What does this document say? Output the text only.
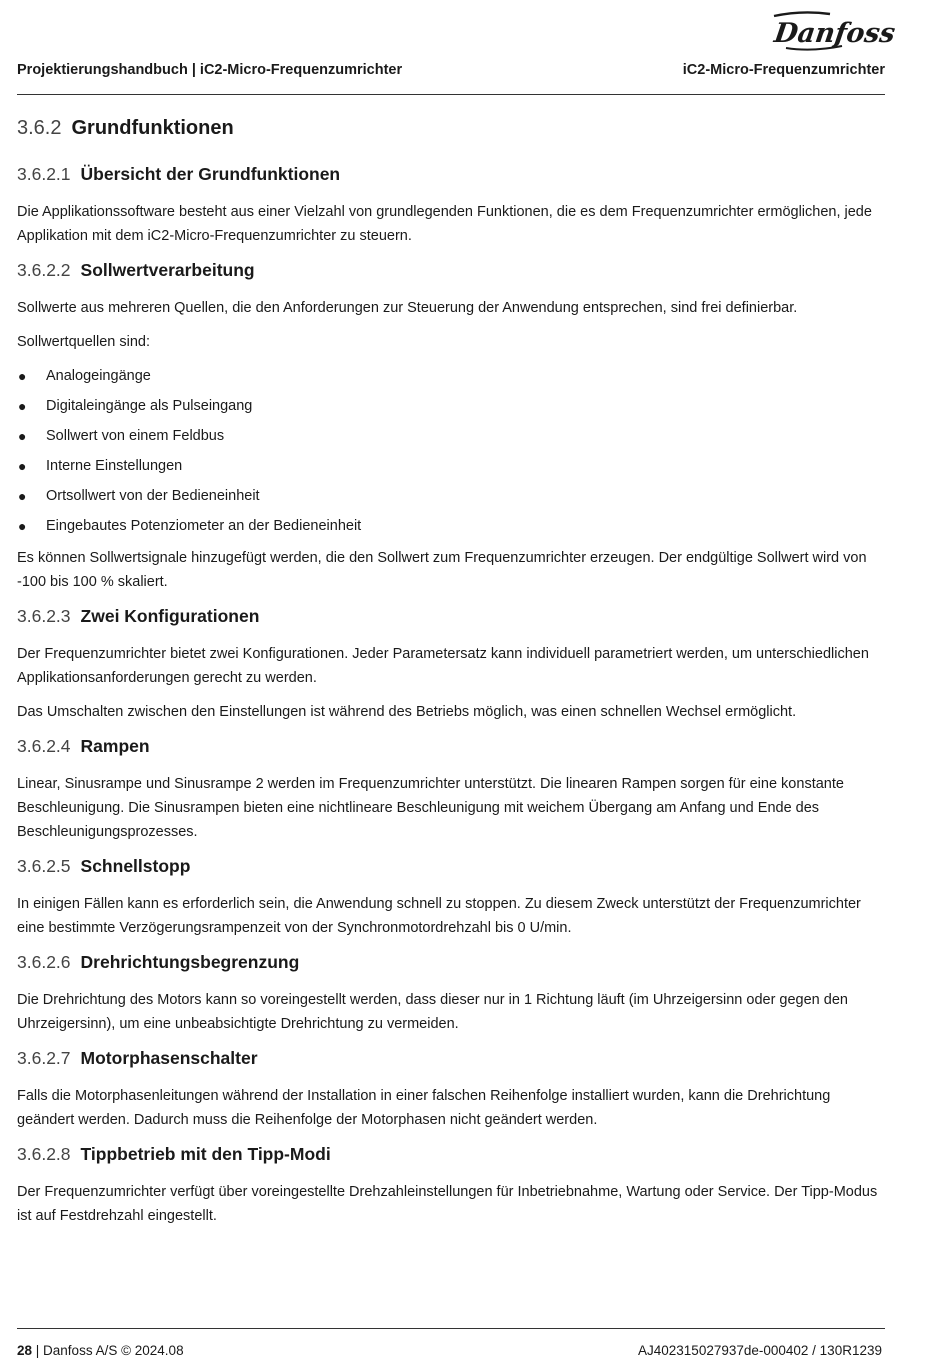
Danfoss
Projektierungshandbuch | iC2-Micro-Frequenzumrichter	iC2-Micro-Frequenzumrichter
3.6.2 Grundfunktionen
3.6.2.1 Übersicht der Grundfunktionen

Die Applikationssoftware besteht aus einer Vielzahl von grundlegenden Funktionen, die es dem Frequenzumrichter ermöglichen, jede Applikation mit dem iC2-Micro-Frequenzumrichter zu steuern.

3.6.2.2 Sollwertverarbeitung

Sollwerte aus mehreren Quellen, die den Anforderungen zur Steuerung der Anwendung entsprechen, sind frei definierbar.

Sollwertquellen sind:

● Analogeingänge
● Digitaleingänge als Pulseingang
● Sollwert von einem Feldbus
● Interne Einstellungen
● Ortsollwert von der Bedieneinheit
● Eingebautes Potenziometer an der Bedieneinheit

Es können Sollwertsignale hinzugefügt werden, die den Sollwert zum Frequenzumrichter erzeugen. Der endgültige Sollwert wird von -100 bis 100 % skaliert.

3.6.2.3 Zwei Konfigurationen

Der Frequenzumrichter bietet zwei Konfigurationen. Jeder Parametersatz kann individuell parametriert werden, um unterschiedlichen Applikationsanforderungen gerecht zu werden.

Das Umschalten zwischen den Einstellungen ist während des Betriebs möglich, was einen schnellen Wechsel ermöglicht.

3.6.2.4 Rampen

Linear, Sinusrampe und Sinusrampe 2 werden im Frequenzumrichter unterstützt. Die linearen Rampen sorgen für eine konstante Beschleunigung. Die Sinusrampen bieten eine nichtlineare Beschleunigung mit weichem Übergang am Anfang und Ende des Beschleunigungsprozesses.

3.6.2.5 Schnellstopp

In einigen Fällen kann es erforderlich sein, die Anwendung schnell zu stoppen. Zu diesem Zweck unterstützt der Frequenzumrichter eine bestimmte Verzögerungsrampenzeit von der Synchronmotordrehzahl bis 0 U/min.

3.6.2.6 Drehrichtungsbegrenzung

Die Drehrichtung des Motors kann so voreingestellt werden, dass dieser nur in 1 Richtung läuft (im Uhrzeigersinn oder gegen den Uhrzeigersinn), um eine unbeabsichtigte Drehrichtung zu vermeiden.

3.6.2.7 Motorphasenschalter

Falls die Motorphasenleitungen während der Installation in einer falschen Reihenfolge installiert wurden, kann die Drehrichtung geändert werden. Dadurch muss die Reihenfolge der Motorphasen nicht geändert werden.

3.6.2.8 Tippbetrieb mit den Tipp-Modi

Der Frequenzumrichter verfügt über voreingestellte Drehzahleinstellungen für Inbetriebnahme, Wartung oder Service. Der Tipp-Modus ist auf Festdrehzahl eingestellt.

28 | Danfoss A/S © 2024.08	AJ402315027937de-000402 / 130R1239
